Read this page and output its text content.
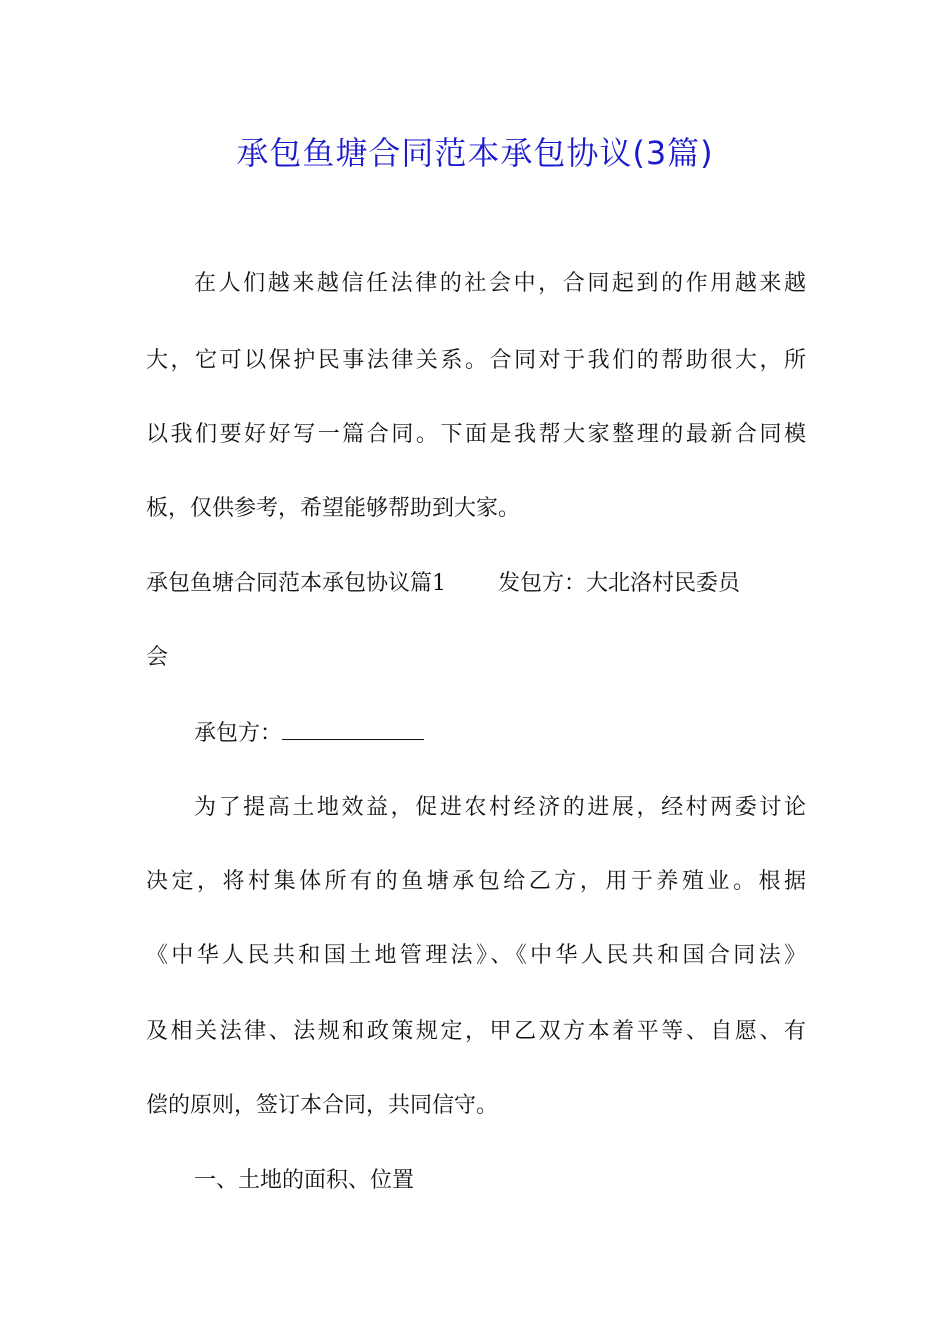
承包鱼塘合同范本承包协议(3篇)

在人们越来越信任法律的社会中，合同起到的作用越来越

大，它可以保护民事法律关系。合同对于我们的帮助很大，所

以我们要好好写一篇合同。下面是我帮大家整理的最新合同模

板，仅供参考，希望能够帮助到大家。

承包鱼塘合同范本承包协议篇1 发包方：大北洛村民委员

会

承包方：

为了提高土地效益，促进农村经济的进展，经村两委讨论

决定，将村集体所有的鱼塘承包给乙方，用于养殖业。根据

《中华人民共和国土地管理法》、《中华人民共和国合同法》

及相关法律、法规和政策规定，甲乙双方本着平等、自愿、有

偿的原则，签订本合同，共同信守。

一、土地的面积、位置
